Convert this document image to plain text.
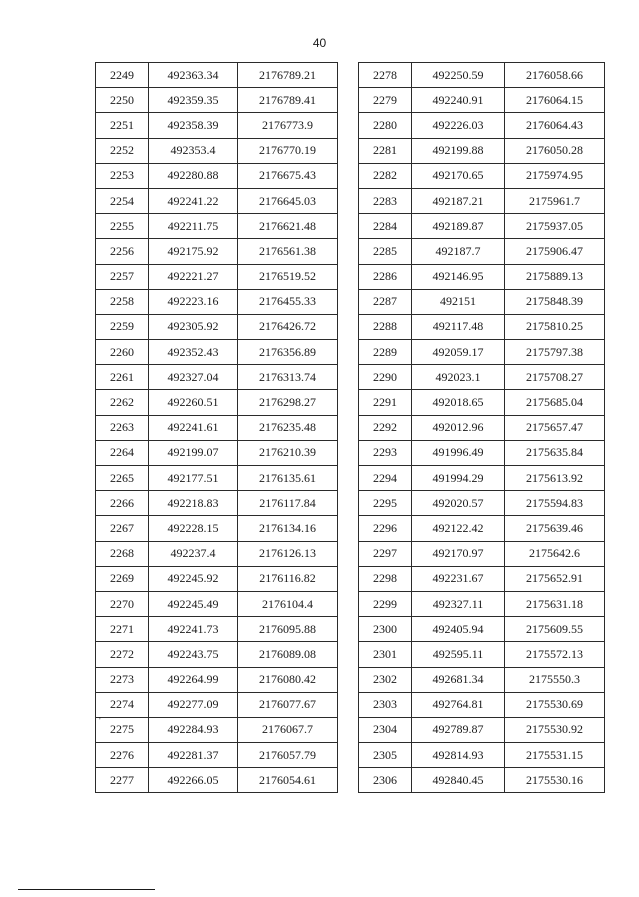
40
2249	492363.34	2176789.21
2250	492359.35	2176789.41
2251	492358.39	2176773.9
2252	492353.4	2176770.19
2253	492280.88	2176675.43
2254	492241.22	2176645.03
2255	492211.75	2176621.48
2256	492175.92	2176561.38
2257	492221.27	2176519.52
2258	492223.16	2176455.33
2259	492305.92	2176426.72
2260	492352.43	2176356.89
2261	492327.04	2176313.74
2262	492260.51	2176298.27
2263	492241.61	2176235.48
2264	492199.07	2176210.39
2265	492177.51	2176135.61
2266	492218.83	2176117.84
2267	492228.15	2176134.16
2268	492237.4	2176126.13
2269	492245.92	2176116.82
2270	492245.49	2176104.4
2271	492241.73	2176095.88
2272	492243.75	2176089.08
2273	492264.99	2176080.42
2274	492277.09	2176077.67
2275	492284.93	2176067.7
2276	492281.37	2176057.79
2277	492266.05	2176054.61
2278	492250.59	2176058.66
2279	492240.91	2176064.15
2280	492226.03	2176064.43
2281	492199.88	2176050.28
2282	492170.65	2175974.95
2283	492187.21	2175961.7
2284	492189.87	2175937.05
2285	492187.7	2175906.47
2286	492146.95	2175889.13
2287	492151	2175848.39
2288	492117.48	2175810.25
2289	492059.17	2175797.38
2290	492023.1	2175708.27
2291	492018.65	2175685.04
2292	492012.96	2175657.47
2293	491996.49	2175635.84
2294	491994.29	2175613.92
2295	492020.57	2175594.83
2296	492122.42	2175639.46
2297	492170.97	2175642.6
2298	492231.67	2175652.91
2299	492327.11	2175631.18
2300	492405.94	2175609.55
2301	492595.11	2175572.13
2302	492681.34	2175550.3
2303	492764.81	2175530.69
2304	492789.87	2175530.92
2305	492814.93	2175531.15
2306	492840.45	2175530.16
'
